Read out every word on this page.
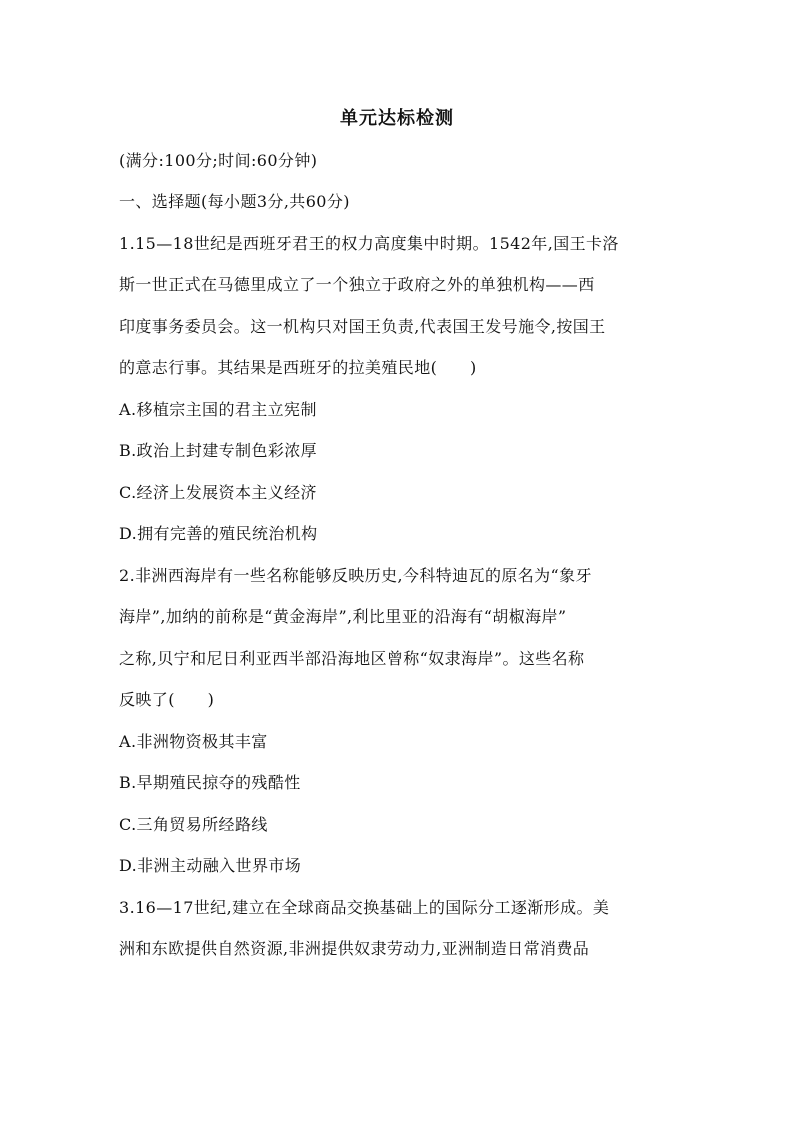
单元达标检测
(满分:100分;时间:60分钟)
一、选择题(每小题3分,共60分)
1.15—18世纪是西班牙君王的权力高度集中时期。1542年,国王卡洛
斯一世正式在马德里成立了一个独立于政府之外的单独机构——西
印度事务委员会。这一机构只对国王负责,代表国王发号施令,按国王
的意志行事。其结果是西班牙的拉美殖民地(　　)
A.移植宗主国的君主立宪制
B.政治上封建专制色彩浓厚
C.经济上发展资本主义经济
D.拥有完善的殖民统治机构
2.非洲西海岸有一些名称能够反映历史,今科特迪瓦的原名为“象牙
海岸”,加纳的前称是“黄金海岸”,利比里亚的沿海有“胡椒海岸”
之称,贝宁和尼日利亚西半部沿海地区曾称“奴隶海岸”。这些名称
反映了(　　)
A.非洲物资极其丰富
B.早期殖民掠夺的残酷性
C.三角贸易所经路线
D.非洲主动融入世界市场
3.16—17世纪,建立在全球商品交换基础上的国际分工逐渐形成。美
洲和东欧提供自然资源,非洲提供奴隶劳动力,亚洲制造日常消费品
